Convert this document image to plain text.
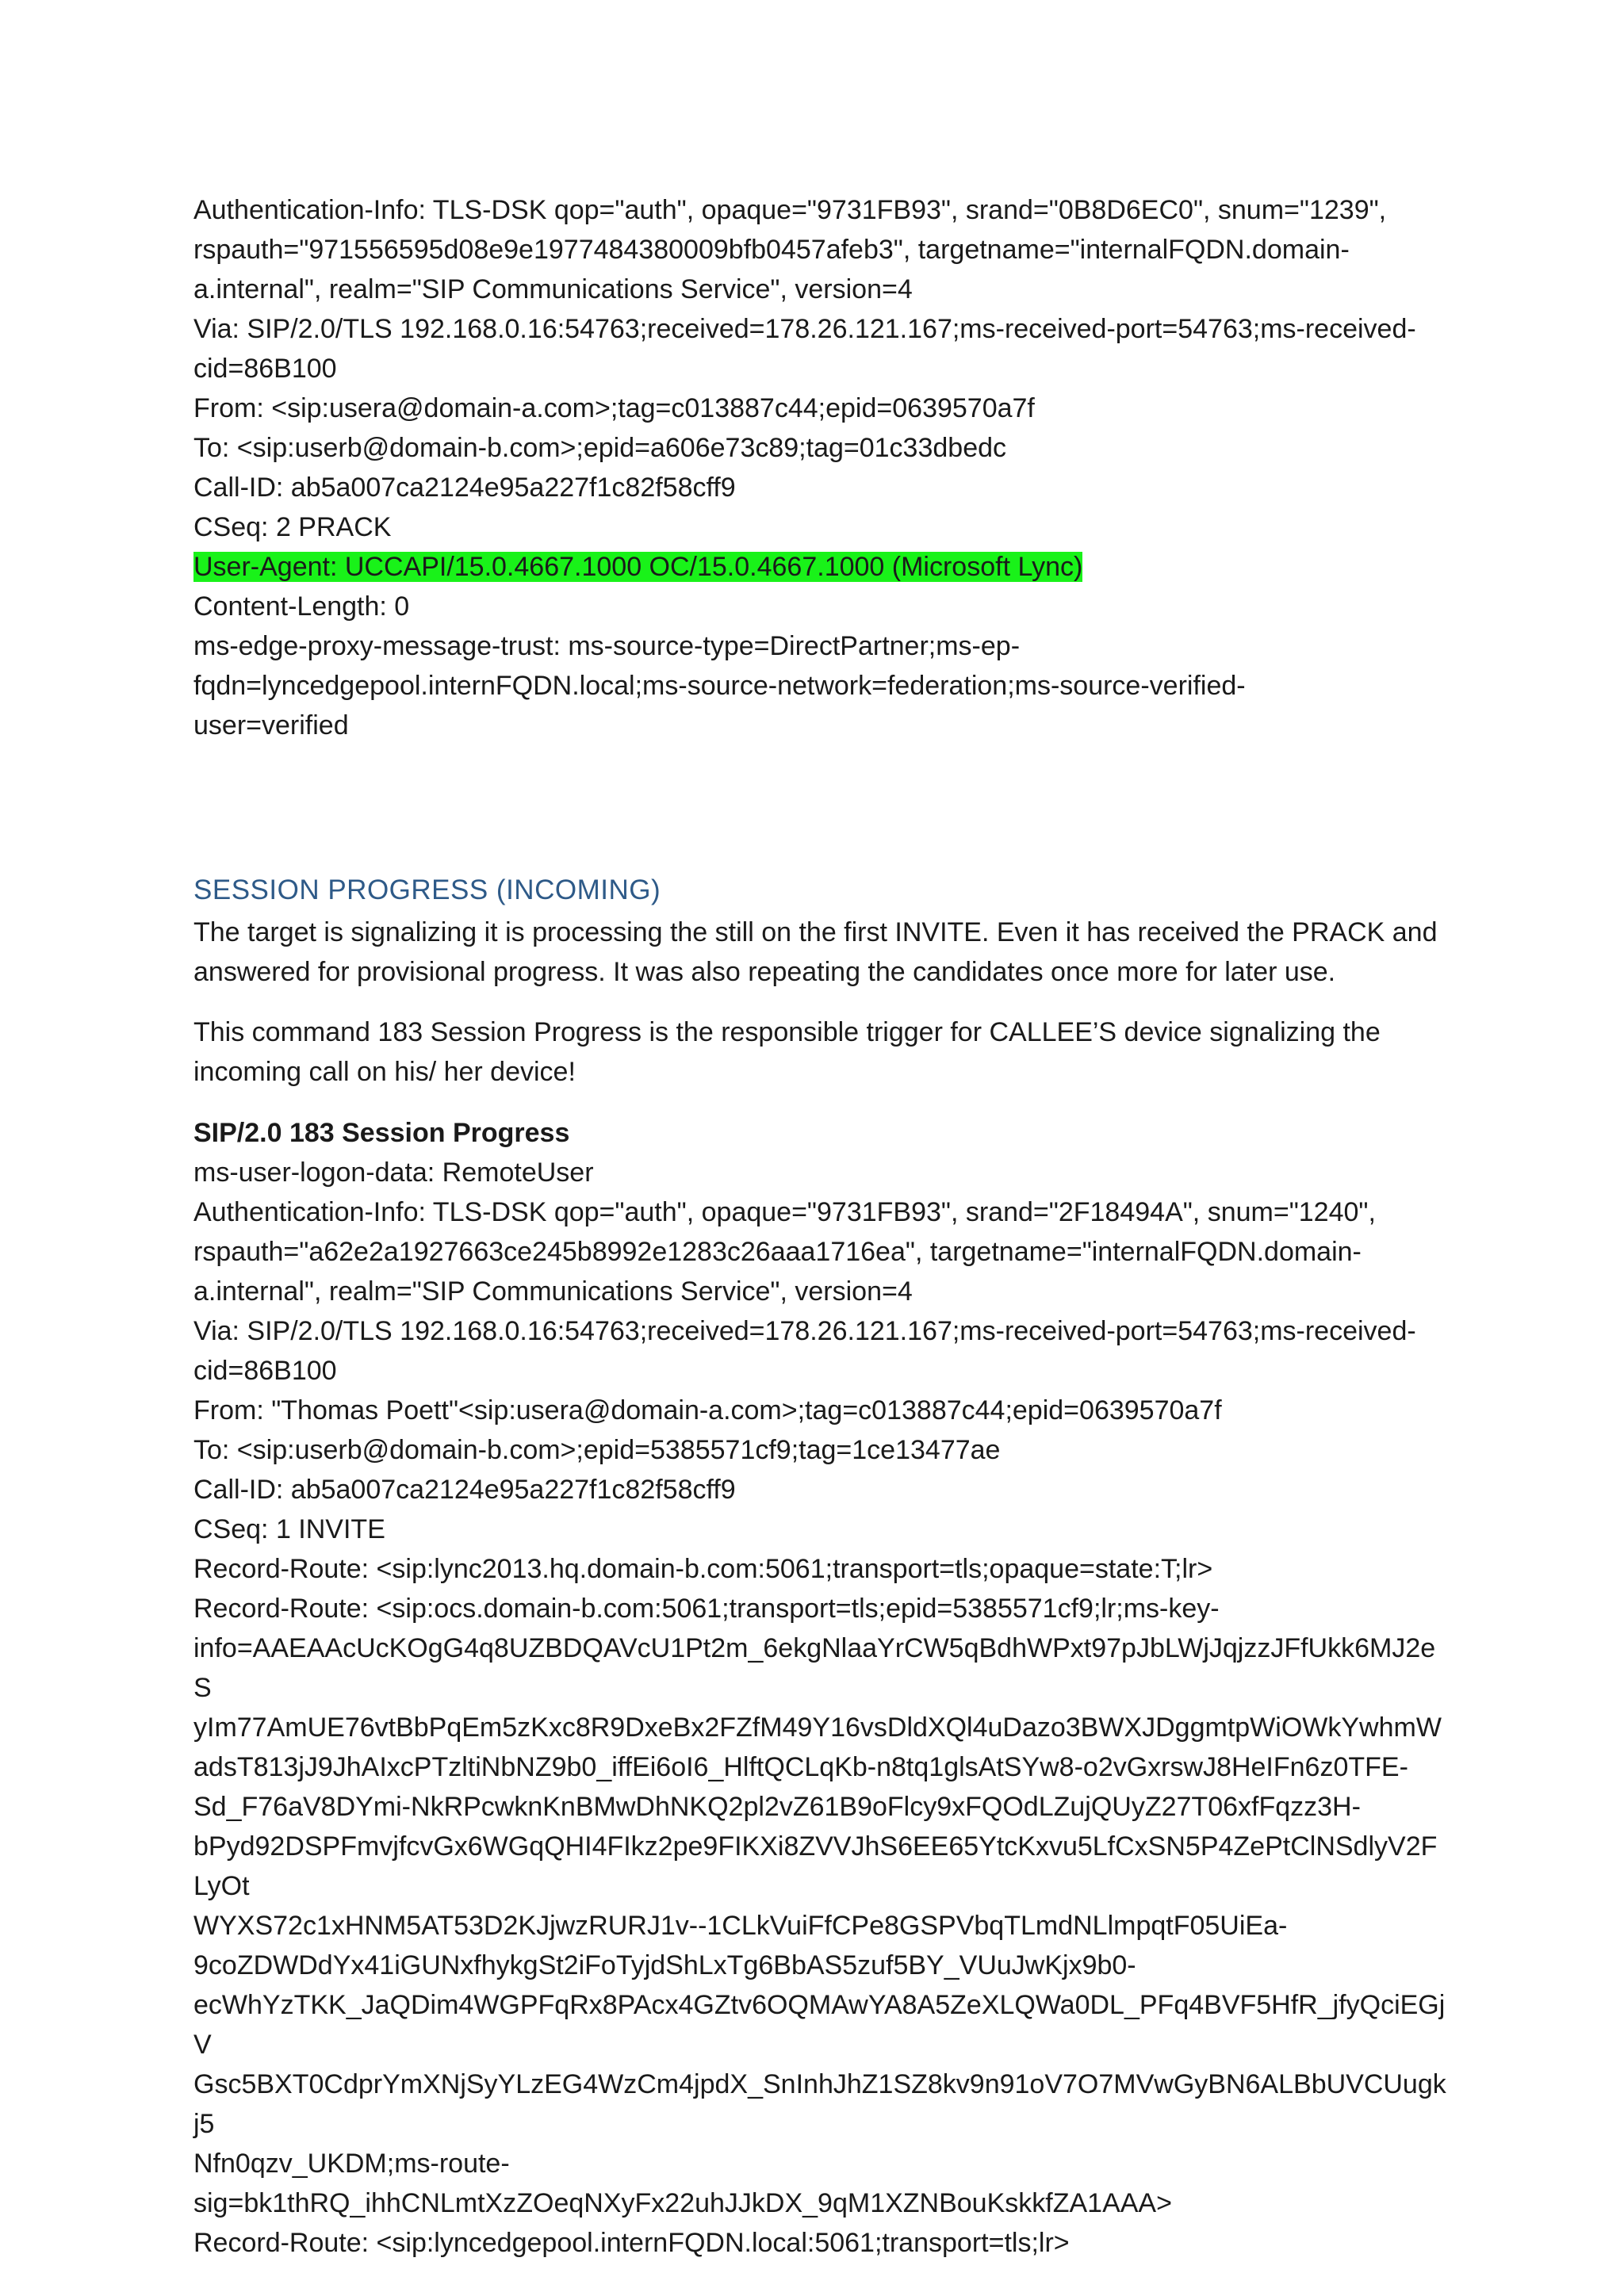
Authentication-Info: TLS-DSK qop="auth", opaque="9731FB93", srand="0B8D6EC0", snum="1239",

rspauth="971556595d08e9e1977484380009bfb0457afeb3", targetname="internalFQDN.domain-

a.internal", realm="SIP Communications Service", version=4

Via: SIP/2.0/TLS 192.168.0.16:54763;received=178.26.121.167;ms-received-port=54763;ms-received-

cid=86B100

From: <sip:usera@domain-a.com>;tag=c013887c44;epid=0639570a7f

To: <sip:userb@domain-b.com>;epid=a606e73c89;tag=01c33dbedc

Call-ID: ab5a007ca2124e95a227f1c82f58cff9

CSeq: 2 PRACK

User-Agent: UCCAPI/15.0.4667.1000 OC/15.0.4667.1000 (Microsoft Lync)

Content-Length: 0

ms-edge-proxy-message-trust: ms-source-type=DirectPartner;ms-ep-

fqdn=lyncedgepool.internFQDN.local;ms-source-network=federation;ms-source-verified-

user=verified

SESSION PROGRESS (INCOMING)

The target is signalizing it is processing the still on the first INVITE. Even it has received the PRACK and answered for provisional progress. It was also repeating the candidates once more for later use.

This command 183 Session Progress is the responsible trigger for CALLEE’S device signalizing the incoming call on his/ her device!

SIP/2.0 183 Session Progress

ms-user-logon-data: RemoteUser

Authentication-Info: TLS-DSK qop="auth", opaque="9731FB93", srand="2F18494A", snum="1240",

rspauth="a62e2a1927663ce245b8992e1283c26aaa1716ea", targetname="internalFQDN.domain-

a.internal", realm="SIP Communications Service", version=4

Via: SIP/2.0/TLS 192.168.0.16:54763;received=178.26.121.167;ms-received-port=54763;ms-received-

cid=86B100

From: "Thomas Poett"<sip:usera@domain-a.com>;tag=c013887c44;epid=0639570a7f

To: <sip:userb@domain-b.com>;epid=5385571cf9;tag=1ce13477ae

Call-ID: ab5a007ca2124e95a227f1c82f58cff9

CSeq: 1 INVITE

Record-Route: <sip:lync2013.hq.domain-b.com:5061;transport=tls;opaque=state:T;lr>

Record-Route: <sip:ocs.domain-b.com:5061;transport=tls;epid=5385571cf9;lr;ms-key-

info=AAEAAcUcKOgG4q8UZBDQAVcU1Pt2m_6ekgNlaaYrCW5qBdhWPxt97pJbLWjJqjzzJFfUkk6MJ2eS

yIm77AmUE76vtBbPqEm5zKxc8R9DxeBx2FZfM49Y16vsDldXQl4uDazo3BWXJDggmtpWiOWkYwhmW

adsT813jJ9JhAIxcPTzltiNbNZ9b0_iffEi6oI6_HlftQCLqKb-n8tq1glsAtSYw8-o2vGxrswJ8HeIFn6z0TFE-

Sd_F76aV8DYmi-NkRPcwknKnBMwDhNKQ2pl2vZ61B9oFlcy9xFQOdLZujQUyZ27T06xfFqzz3H-

bPyd92DSPFmvjfcvGx6WGqQHI4FIkz2pe9FIKXi8ZVVJhS6EE65YtcKxvu5LfCxSN5P4ZePtClNSdlyV2FLyOt

WYXS72c1xHNM5AT53D2KJjwzRURJ1v--1CLkVuiFfCPe8GSPVbqTLmdNLlmpqtF05UiEa-

9coZDWDdYx41iGUNxfhykgSt2iFoTyjdShLxTg6BbAS5zuf5BY_VUuJwKjx9b0-

ecWhYzTKK_JaQDim4WGPFqRx8PAcx4GZtv6OQMAwYA8A5ZeXLQWa0DL_PFq4BVF5HfR_jfyQciEGjV

Gsc5BXT0CdprYmXNjSyYLzEG4WzCm4jpdX_SnInhJhZ1SZ8kv9n91oV7O7MVwGyBN6ALBbUVCUugkj5

Nfn0qzv_UKDM;ms-route-

sig=bk1thRQ_ihhCNLmtXzZOeqNXyFx22uhJJkDX_9qM1XZNBouKskkfZA1AAA>

Record-Route: <sip:lyncedgepool.internFQDN.local:5061;transport=tls;lr>
